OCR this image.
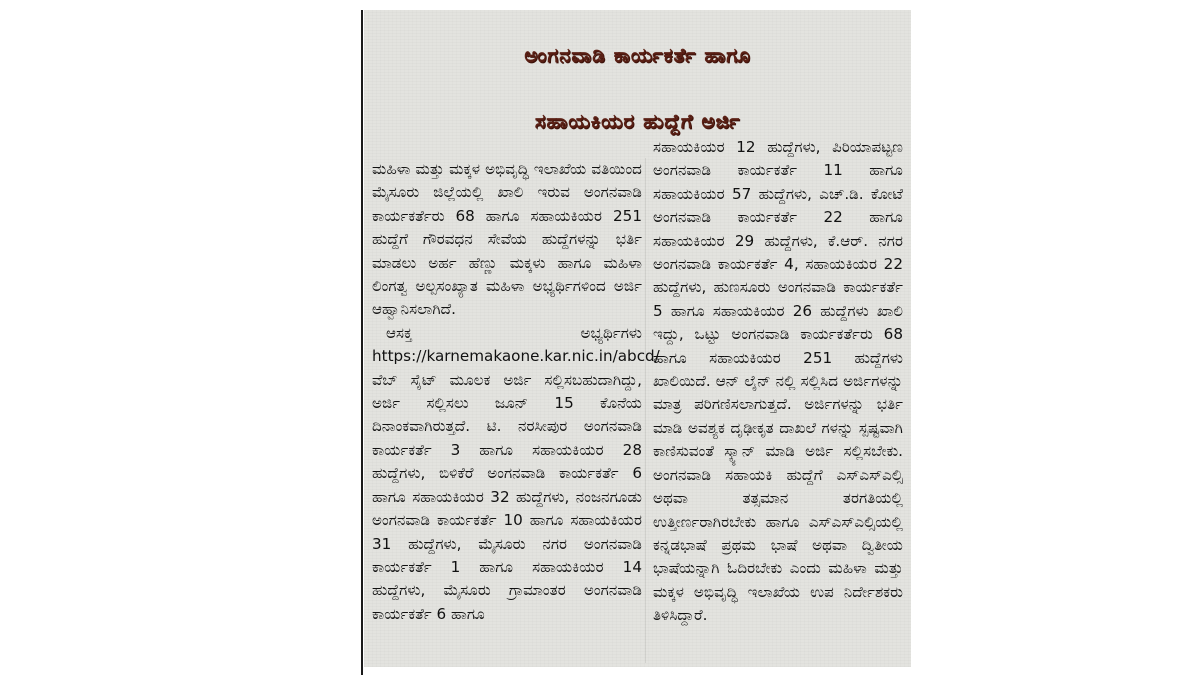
ಅಂಗನವಾಡಿ ಕಾರ್ಯಕರ್ತೆ ಹಾಗೂ
ಸಹಾಯಕಿಯರ ಹುದ್ದೆಗೆ ಅರ್ಜಿ

ಮಹಿಳಾ ಮತ್ತು ಮಕ್ಕಳ ಅಭಿವೃದ್ಧಿ ಇಲಾಖೆಯ ವತಿಯಿಂದ ಮೈಸೂರು ಜಿಲ್ಲೆಯಲ್ಲಿ ಖಾಲಿ ಇರುವ ಅಂಗನವಾಡಿ ಕಾರ್ಯಕರ್ತೆರು 68 ಹಾಗೂ ಸಹಾಯಕಿಯರ 251 ಹುದ್ದೆಗೆ ಗೌರವಧನ ಸೇವೆಯ ಹುದ್ದೆಗಳನ್ನು ಭರ್ತಿ ಮಾಡಲು ಅರ್ಹ ಹೆಣ್ಣು ಮಕ್ಕಳು ಹಾಗೂ ಮಹಿಳಾ ಲಿಂಗತ್ವ ಅಲ್ಪಸಂಖ್ಯಾತ ಮಹಿಳಾ ಅಭ್ಯರ್ಥಿಗಳಿಂದ ಅರ್ಜಿ ಆಹ್ವಾನಿಸಲಾಗಿದೆ.

ಆಸಕ್ತ ಅಭ್ಯರ್ಥಿಗಳು https://karnemakaone.kar.nic.in/abcd/ ವೆಬ್ ಸೈಟ್ ಮೂಲಕ ಅರ್ಜಿ ಸಲ್ಲಿಸಬಹುದಾಗಿದ್ದು, ಅರ್ಜಿ ಸಲ್ಲಿಸಲು ಜೂನ್ 15 ಕೊನೆಯ ದಿನಾಂಕವಾಗಿರುತ್ತದೆ. ಟಿ. ನರಸೀಪುರ ಅಂಗನವಾಡಿ ಕಾರ್ಯಕರ್ತೆ 3 ಹಾಗೂ ಸಹಾಯಕಿಯರ 28 ಹುದ್ದೆಗಳು, ಬಿಳಿಕೆರೆ ಅಂಗನವಾಡಿ ಕಾರ್ಯಕರ್ತೆ 6 ಹಾಗೂ ಸಹಾಯಕಿಯರ 32 ಹುದ್ದೆಗಳು, ನಂಜನಗೂಡು ಅಂಗನವಾಡಿ ಕಾರ್ಯಕರ್ತೆ 10 ಹಾಗೂ ಸಹಾಯಕಿಯರ 31 ಹುದ್ದೆಗಳು, ಮೈಸೂರು ನಗರ ಅಂಗನವಾಡಿ ಕಾರ್ಯಕರ್ತೆ 1 ಹಾಗೂ ಸಹಾಯಕಿಯರ 14 ಹುದ್ದೆಗಳು, ಮೈಸೂರು ಗ್ರಾಮಾಂತರ ಅಂಗನವಾಡಿ ಕಾರ್ಯಕರ್ತೆ 6 ಹಾಗೂ

ಸಹಾಯಕಿಯರ 12 ಹುದ್ದೆಗಳು, ಪಿರಿಯಾಪಟ್ಟಣ ಅಂಗನವಾಡಿ ಕಾರ್ಯಕರ್ತೆ 11 ಹಾಗೂ ಸಹಾಯಕಿಯರ 57 ಹುದ್ದೆಗಳು, ಎಚ್.ಡಿ. ಕೋಟೆ ಅಂಗನವಾಡಿ ಕಾರ್ಯಕರ್ತೆ 22 ಹಾಗೂ ಸಹಾಯಕಿಯರ 29 ಹುದ್ದೆಗಳು, ಕೆ.ಆರ್. ನಗರ ಅಂಗನವಾಡಿ ಕಾರ್ಯಕರ್ತೆ 4, ಸಹಾಯಕಿಯರ 22 ಹುದ್ದೆಗಳು, ಹುಣಸೂರು ಅಂಗನವಾಡಿ ಕಾರ್ಯಕರ್ತೆ 5 ಹಾಗೂ ಸಹಾಯಕಿಯರ 26 ಹುದ್ದೆಗಳು ಖಾಲಿ ಇದ್ದು, ಒಟ್ಟು ಅಂಗನವಾಡಿ ಕಾರ್ಯಕರ್ತೆರು 68 ಹಾಗೂ ಸಹಾಯಕಿಯರ 251 ಹುದ್ದೆಗಳು ಖಾಲಿಯಿದೆ. ಆನ್ ಲೈನ್ ನಲ್ಲಿ ಸಲ್ಲಿಸಿದ ಅರ್ಜಿಗಳನ್ನು ಮಾತ್ರ ಪರಿಗಣಿಸಲಾಗುತ್ತದೆ. ಅರ್ಜಿಗಳನ್ನು ಭರ್ತಿ ಮಾಡಿ ಅವಶ್ಯಕ ದೃಢೀಕೃತ ದಾಖಲೆ ಗಳನ್ನು ಸ್ಪಷ್ಟವಾಗಿ ಕಾಣಿಸುವಂತೆ ಸ್ಕ್ಯಾನ್ ಮಾಡಿ ಅರ್ಜಿ ಸಲ್ಲಿಸಬೇಕು. ಅಂಗನವಾಡಿ ಸಹಾಯಕಿ ಹುದ್ದೆಗೆ ಎಸ್‌ಎಸ್‌ಎಲ್ಸಿ ಅಥವಾ ತತ್ಸಮಾನ ತರಗತಿಯಲ್ಲಿ ಉತ್ತೀರ್ಣರಾಗಿರಬೇಕು ಹಾಗೂ ಎಸ್‌ಎಸ್‌ಎಲ್ಸಿಯಲ್ಲಿ ಕನ್ನಡಭಾಷೆ ಪ್ರಥಮ ಭಾಷೆ ಅಥವಾ ದ್ವಿತೀಯ ಭಾಷೆಯನ್ನಾಗಿ ಓದಿರಬೇಕು ಎಂದು ಮಹಿಳಾ ಮತ್ತು ಮಕ್ಕಳ ಅಭಿವೃದ್ಧಿ ಇಲಾಖೆಯ ಉಪ ನಿರ್ದೇಶಕರು ತಿಳಿಸಿದ್ದಾರೆ.
